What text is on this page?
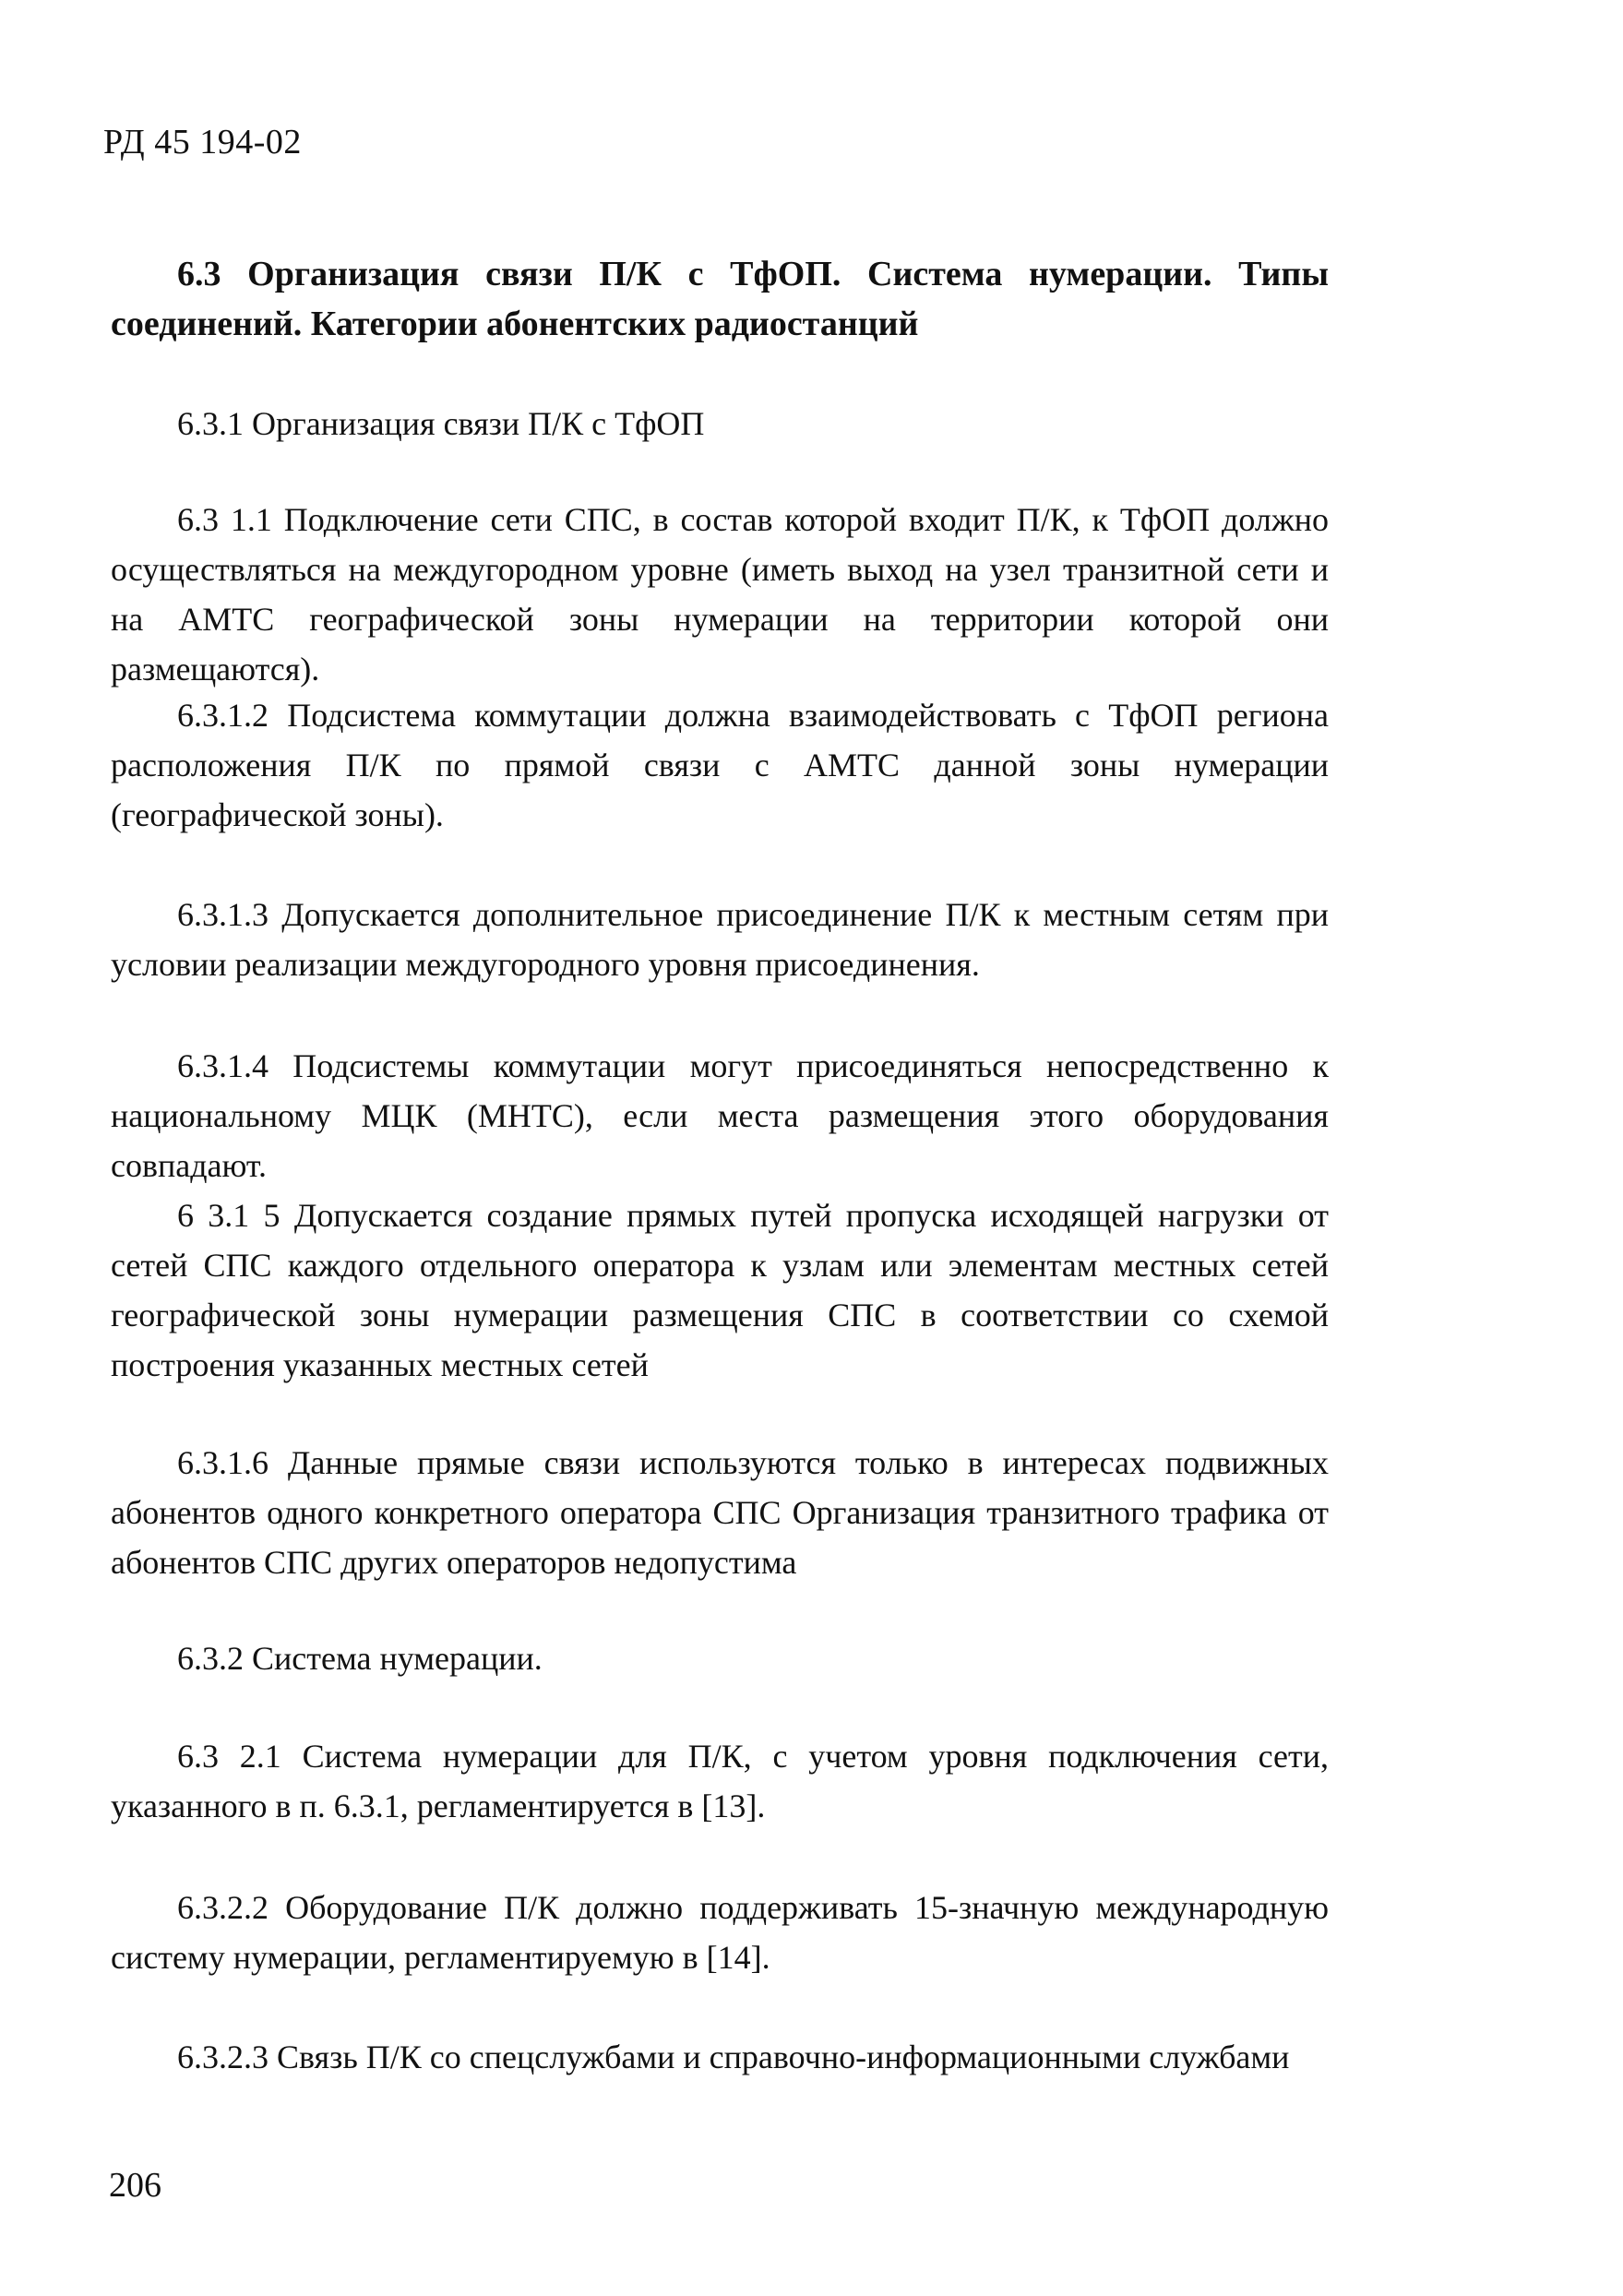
РД 45 194-02
6.3 Организация связи П/К с ТфОП. Система нумерации. Типы соединений. Категории абонентских радиостанций

6.3.1 Организация связи П/К с ТфОП

6.3 1.1 Подключение сети СПС, в состав которой входит П/К, к ТфОП должно осуществляться на междугородном уровне (иметь выход на узел транзитной сети и на АМТС географической зоны нумерации на территории которой они размещаются).

6.3.1.2 Подсистема коммутации должна взаимодействовать с ТфОП региона расположения П/К по прямой связи с АМТС данной зоны нумерации (географической зоны).

6.3.1.3 Допускается дополнительное присоединение П/К к местным сетям при условии реализации междугородного уровня присоединения.

6.3.1.4 Подсистемы коммутации могут присоединяться непосредственно к национальному МЦК (МНТС), если места размещения этого оборудования совпадают.

6 3.1 5 Допускается создание прямых путей пропуска исходящей нагрузки от сетей СПС каждого отдельного оператора к узлам или элементам местных сетей географической зоны нумерации размещения СПС в соответствии со схемой построения указанных местных сетей

6.3.1.6 Данные прямые связи используются только в интересах подвижных абонентов одного конкретного оператора СПС Организация транзитного трафика от абонентов СПС других операторов недопустима

6.3.2 Система нумерации.

6.3 2.1 Система нумерации для П/К, с учетом уровня подключения сети, указанного в п. 6.3.1, регламентируется в [13].

6.3.2.2 Оборудование П/К должно поддерживать 15-значную международную систему нумерации, регламентируемую в [14].

6.3.2.3 Связь П/К со спецслужбами и справочно-информационными службами

206
